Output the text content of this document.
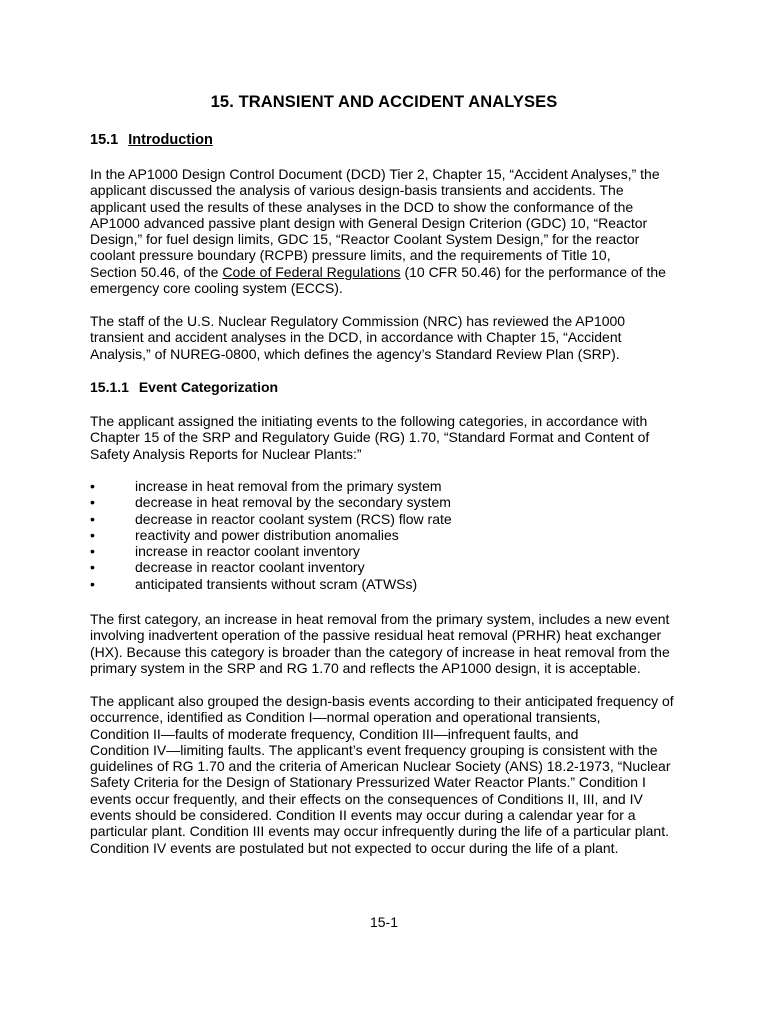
15. TRANSIENT AND ACCIDENT ANALYSES
15.1 Introduction

In the AP1000 Design Control Document (DCD) Tier 2, Chapter 15, “Accident Analyses,” the
applicant discussed the analysis of various design-basis transients and accidents. The
applicant used the results of these analyses in the DCD to show the conformance of the
AP1000 advanced passive plant design with General Design Criterion (GDC) 10, “Reactor
Design,” for fuel design limits, GDC 15, “Reactor Coolant System Design,” for the reactor
coolant pressure boundary (RCPB) pressure limits, and the requirements of Title 10,
Section 50.46, of the Code of Federal Regulations (10 CFR 50.46) for the performance of the
emergency core cooling system (ECCS).

The staff of the U.S. Nuclear Regulatory Commission (NRC) has reviewed the AP1000
transient and accident analyses in the DCD, in accordance with Chapter 15, “Accident
Analysis,” of NUREG-0800, which defines the agency’s Standard Review Plan (SRP).

15.1.1 Event Categorization

The applicant assigned the initiating events to the following categories, in accordance with
Chapter 15 of the SRP and Regulatory Guide (RG) 1.70, “Standard Format and Content of
Safety Analysis Reports for Nuclear Plants:”

•	increase in heat removal from the primary system
•	decrease in heat removal by the secondary system
•	decrease in reactor coolant system (RCS) flow rate
•	reactivity and power distribution anomalies
•	increase in reactor coolant inventory
•	decrease in reactor coolant inventory
•	anticipated transients without scram (ATWSs)

The first category, an increase in heat removal from the primary system, includes a new event
involving inadvertent operation of the passive residual heat removal (PRHR) heat exchanger
(HX). Because this category is broader than the category of increase in heat removal from the
primary system in the SRP and RG 1.70 and reflects the AP1000 design, it is acceptable.

The applicant also grouped the design-basis events according to their anticipated frequency of
occurrence, identified as Condition I—normal operation and operational transients,
Condition II—faults of moderate frequency, Condition III—infrequent faults, and
Condition IV—limiting faults. The applicant’s event frequency grouping is consistent with the
guidelines of RG 1.70 and the criteria of American Nuclear Society (ANS) 18.2-1973, “Nuclear
Safety Criteria for the Design of Stationary Pressurized Water Reactor Plants.” Condition I
events occur frequently, and their effects on the consequences of Conditions II, III, and IV
events should be considered. Condition II events may occur during a calendar year for a
particular plant. Condition III events may occur infrequently during the life of a particular plant.
Condition IV events are postulated but not expected to occur during the life of a plant.

15-1
